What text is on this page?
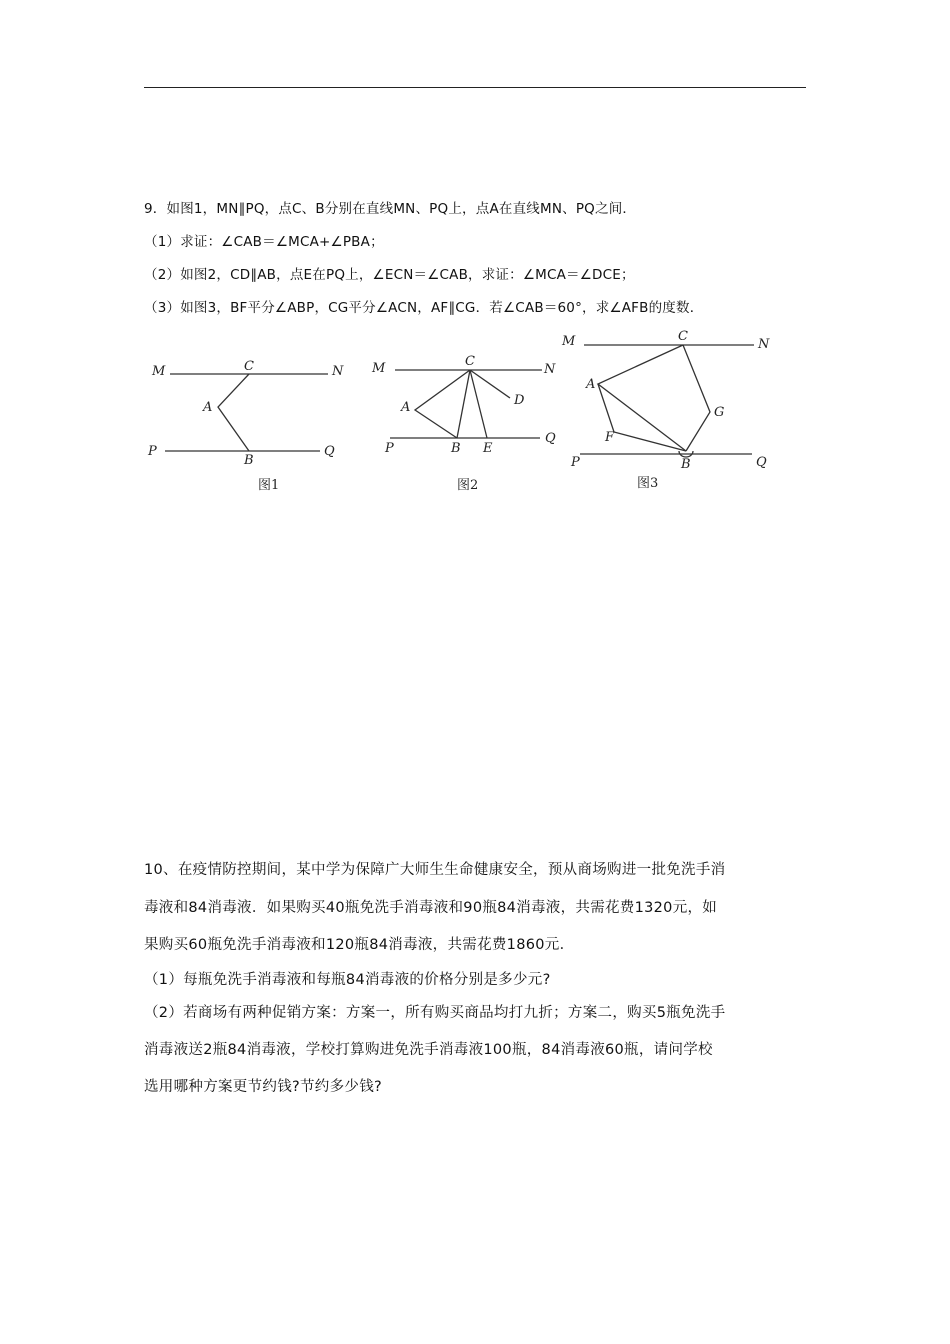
9．如图1，MN∥PQ，点C、B分别在直线MN、PQ上，点A在直线MN、PQ之间．
（1）求证：∠CAB＝∠MCA+∠PBA；
（2）如图2，CD∥AB，点E在PQ上，∠ECN＝∠CAB，求证：∠MCA＝∠DCE；
（3）如图3，BF平分∠ABP，CG平分∠ACN，AF∥CG．若∠CAB＝60°，求∠AFB的度数．
M	C	N
A
P
B
Q
图1
M	C
N
A	D
P	B E
Q
图2
M	C
N
A
G
F
P	B	Q
图3
10、在疫情防控期间，某中学为保障广大师生生命健康安全，预从商场购进一批免洗手消
毒液和84消毒液．如果购买40瓶免洗手消毒液和90瓶84消毒液，共需花费1320元，如
果购买60瓶免洗手消毒液和120瓶84消毒液，共需花费1860元．
（1）每瓶免洗手消毒液和每瓶84消毒液的价格分别是多少元?
（2）若商场有两种促销方案：方案一，所有购买商品均打九折；方案二，购买5瓶免洗手
消毒液送2瓶84消毒液，学校打算购进免洗手消毒液100瓶，84消毒液60瓶，请问学校
选用哪种方案更节约钱?节约多少钱?
